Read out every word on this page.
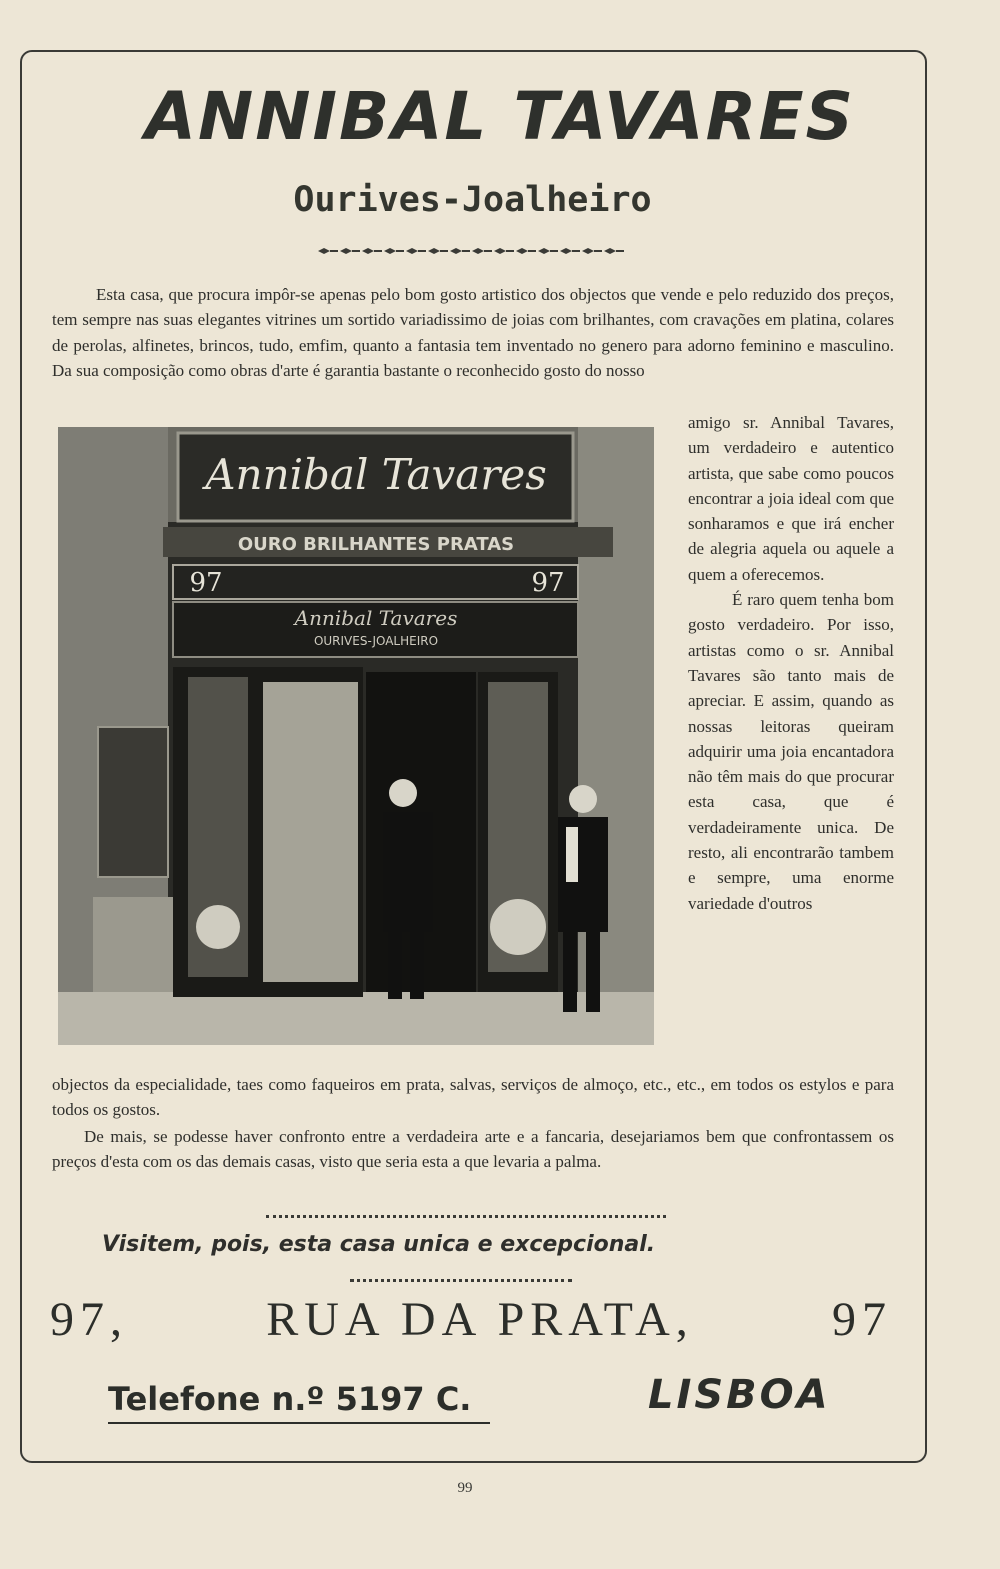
ANNIBAL TAVARES
Ourives-Joalheiro

Esta casa, que procura impôr-se apenas pelo bom gosto artistico dos objectos que vende e pelo reduzido dos preços, tem sempre nas suas elegantes vitrines um sortido variadissimo de joias com brilhantes, com cravações em platina, colares de perolas, alfinetes, brincos, tudo, emfim, quanto a fantasia tem inventado no genero para adorno feminino e masculino. Da sua composição como obras d'arte é garantia bastante o reconhecido gosto do nosso

Annibal Tavares
OURO BRILHANTES PRATAS
97	97
Annibal Tavares
OURIVES-JOALHEIRO

amigo sr. Annibal Tavares, um verdadeiro e autentico artista, que sabe como poucos encontrar a joia ideal com que sonharamos e que irá encher de alegria aquela ou aquele a quem a oferecemos.

É raro quem tenha bom gosto verdadeiro. Por isso, artistas como o sr. Annibal Tavares são tanto mais de apreciar. E assim, quando as nossas leitoras queiram adquirir uma joia encantadora não têm mais do que procurar esta casa, que é verdadeiramente unica. De resto, ali encontrarão tambem e sempre, uma enorme variedade d'outros

objectos da especialidade, taes como faqueiros em prata, salvas, serviços de almoço, etc., etc., em todos os estylos e para todos os gostos.

De mais, se podesse haver confronto entre a verdadeira arte e a fancaria, desejariamos bem que confrontassem os preços d'esta com os das demais casas, visto que seria esta a que levaria a palma.

Visitem, pois, esta casa unica e excepcional.

97,	RUA DA PRATA,	97

Telefone n.º 5197 C.	LISBOA

99
